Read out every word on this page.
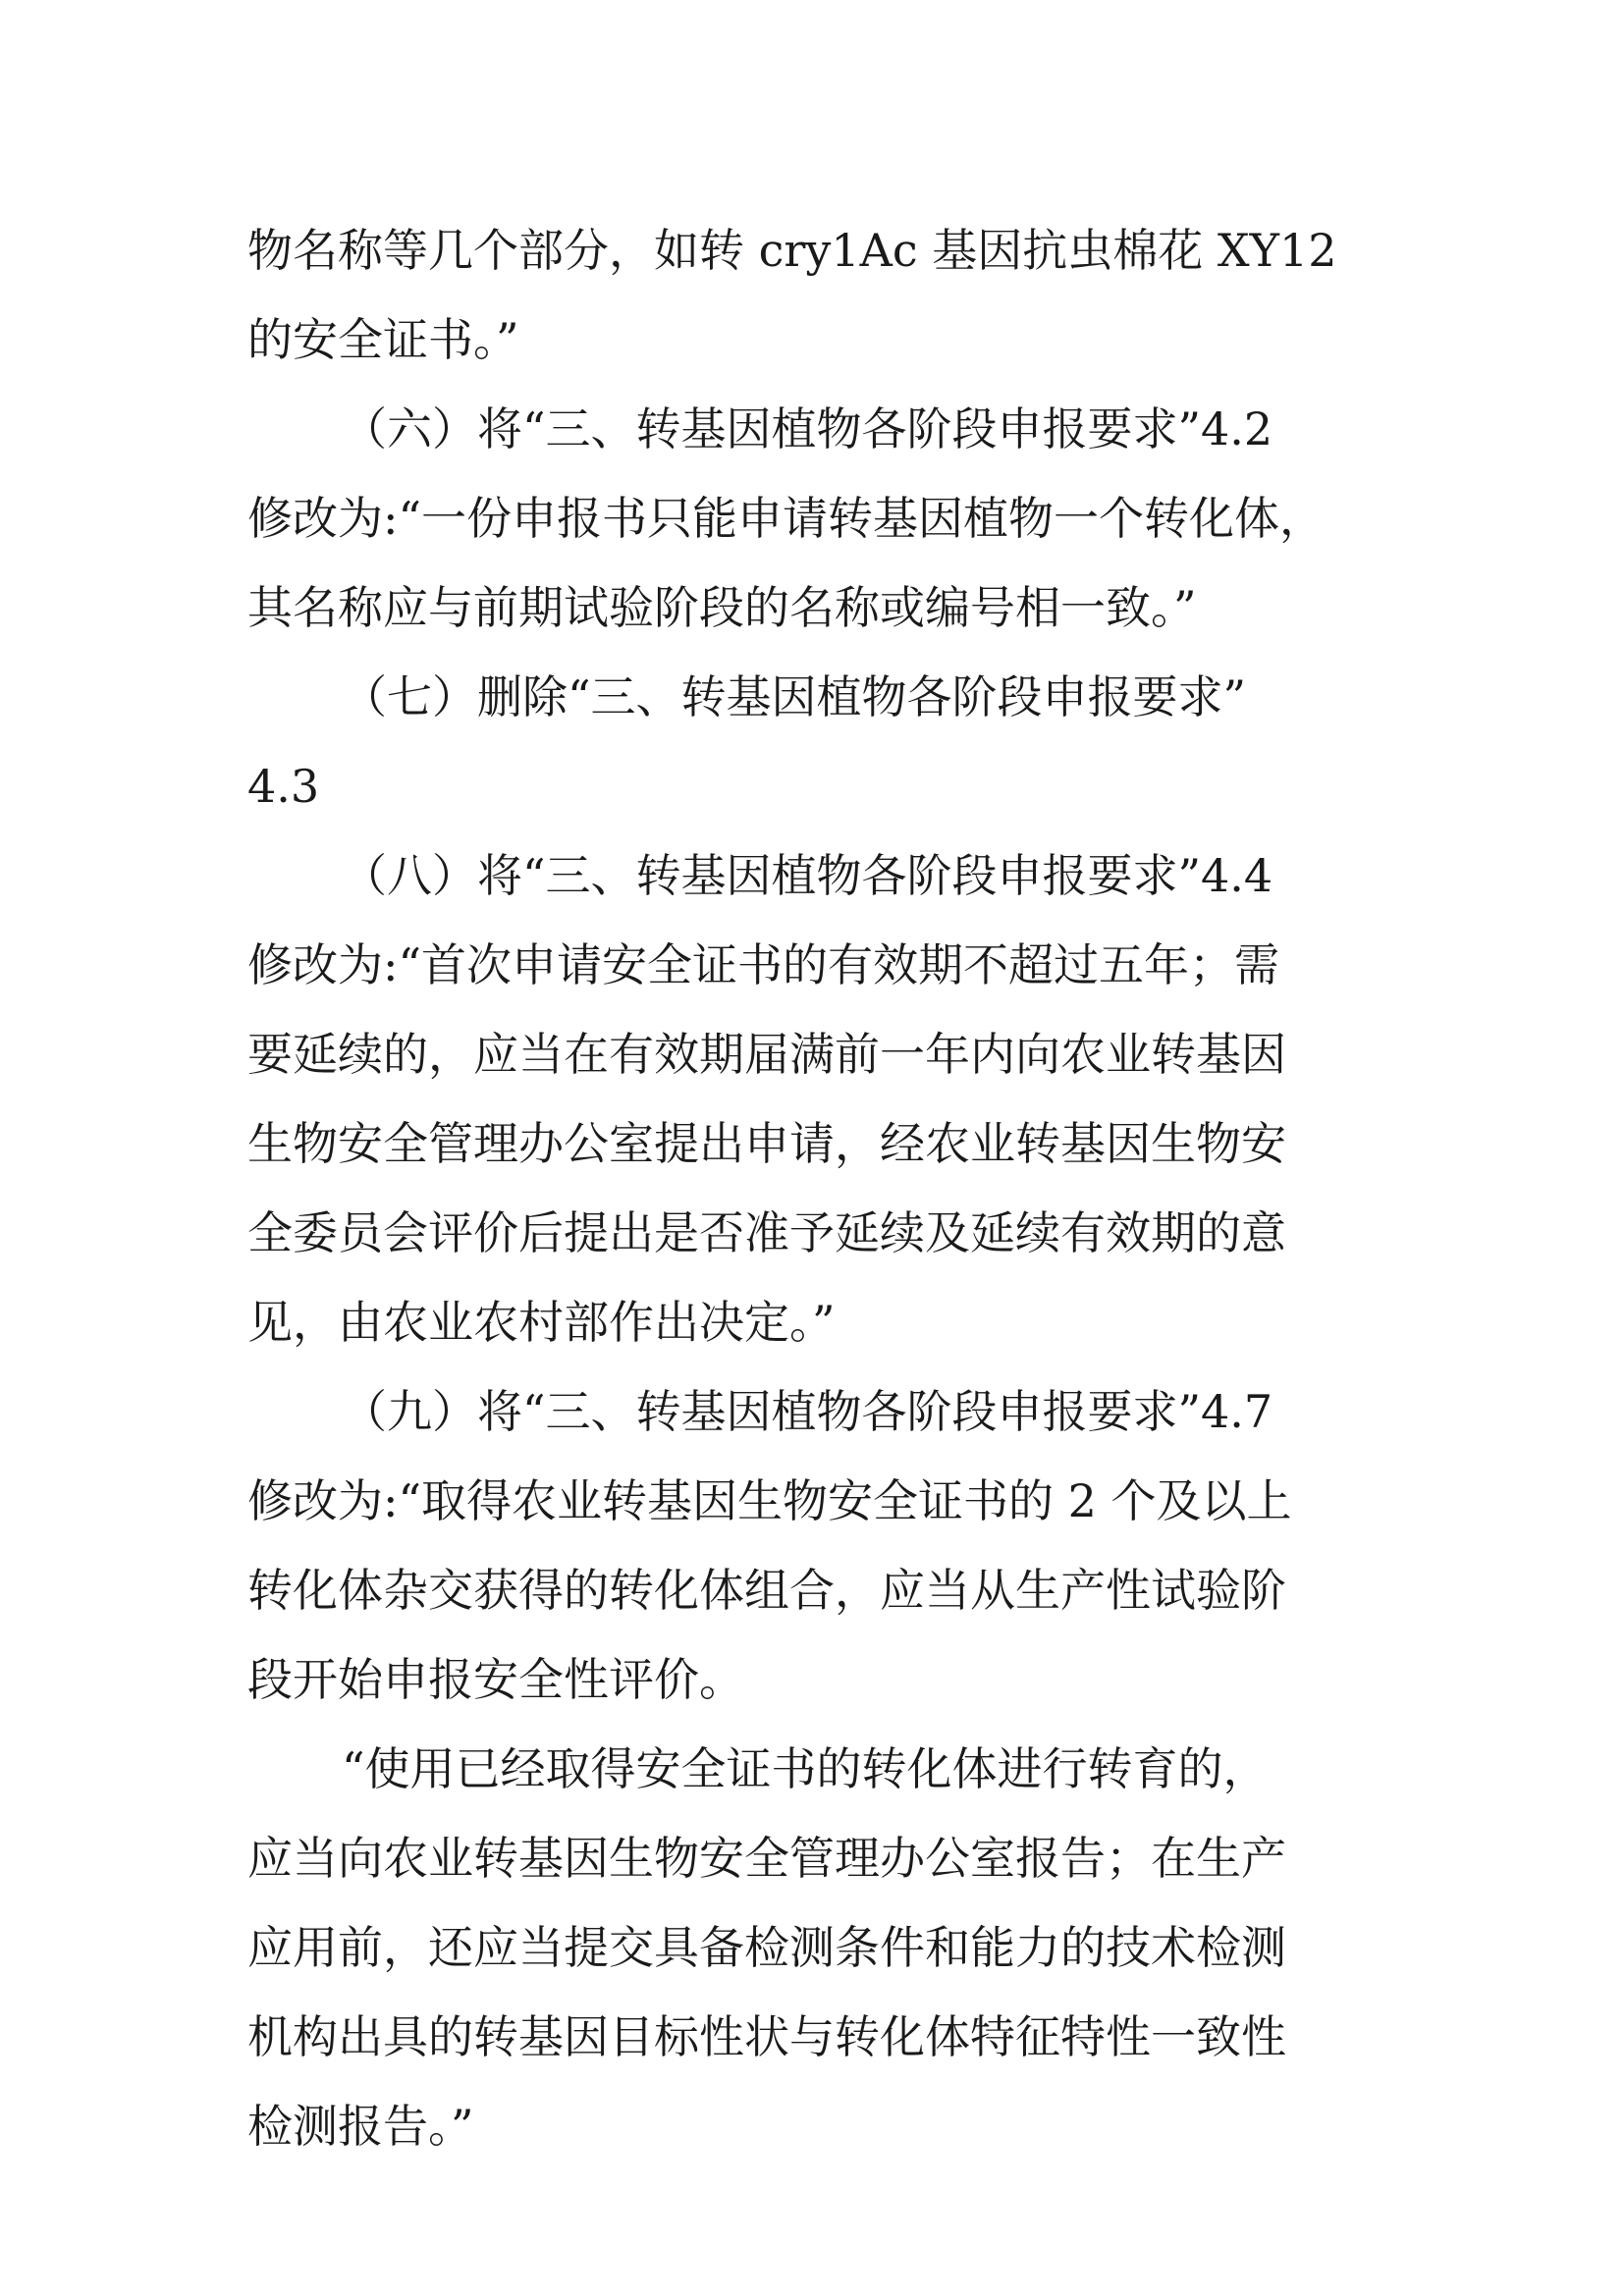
物名称等几个部分，如转 cry1Ac 基因抗虫棉花 XY12
的安全证书。”
（六）将“三、转基因植物各阶段申报要求”4.2
修改为:“一份申报书只能申请转基因植物一个转化体，
其名称应与前期试验阶段的名称或编号相一致。”
（七）删除“三、转基因植物各阶段申报要求”
4.3
（八）将“三、转基因植物各阶段申报要求”4.4
修改为:“首次申请安全证书的有效期不超过五年；需
要延续的，应当在有效期届满前一年内向农业转基因
生物安全管理办公室提出申请，经农业转基因生物安
全委员会评价后提出是否准予延续及延续有效期的意
见，由农业农村部作出决定。”
（九）将“三、转基因植物各阶段申报要求”4.7
修改为:“取得农业转基因生物安全证书的 2 个及以上
转化体杂交获得的转化体组合，应当从生产性试验阶
段开始申报安全性评价。
“使用已经取得安全证书的转化体进行转育的，
应当向农业转基因生物安全管理办公室报告；在生产
应用前，还应当提交具备检测条件和能力的技术检测
机构出具的转基因目标性状与转化体特征特性一致性
检测报告。”
